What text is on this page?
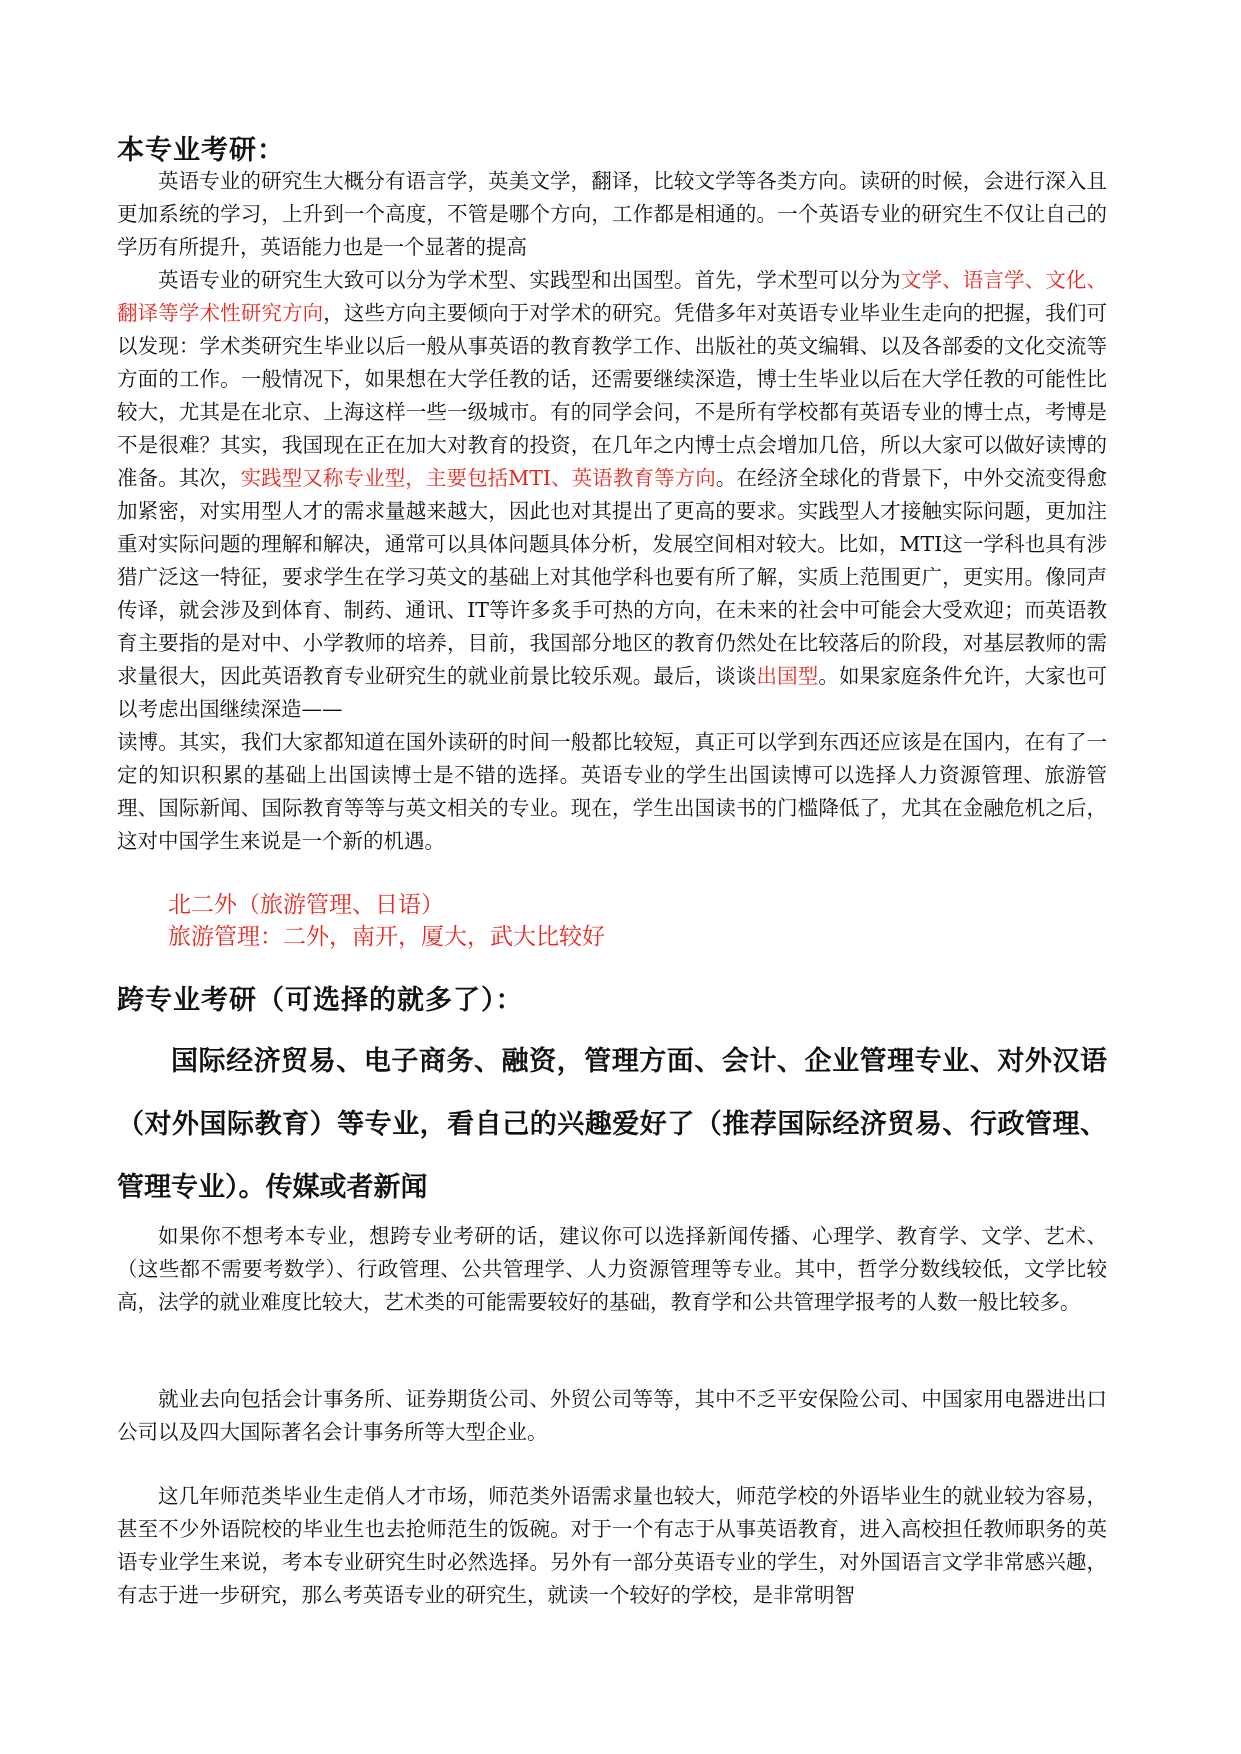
本专业考研：

英语专业的研究生大概分有语言学，英美文学，翻译，比较文学等各类方向。读研的时候，会进行深入且更加系统的学习，上升到一个高度，不管是哪个方向，工作都是相通的。一个英语专业的研究生不仅让自己的学历有所提升，英语能力也是一个显著的提高

英语专业的研究生大致可以分为学术型、实践型和出国型。首先，学术型可以分为文学、语言学、文化、翻译等学术性研究方向，这些方向主要倾向于对学术的研究。凭借多年对英语专业毕业生走向的把握，我们可以发现：学术类研究生毕业以后一般从事英语的教育教学工作、出版社的英文编辑、以及各部委的文化交流等方面的工作。一般情况下，如果想在大学任教的话，还需要继续深造，博士生毕业以后在大学任教的可能性比较大，尤其是在北京、上海这样一些一级城市。有的同学会问，不是所有学校都有英语专业的博士点，考博是不是很难？其实，我国现在正在加大对教育的投资，在几年之内博士点会增加几倍，所以大家可以做好读博的准备。其次，实践型又称专业型，主要包括MTI、英语教育等方向。在经济全球化的背景下，中外交流变得愈加紧密，对实用型人才的需求量越来越大，因此也对其提出了更高的要求。实践型人才接触实际问题，更加注重对实际问题的理解和解决，通常可以具体问题具体分析，发展空间相对较大。比如，MTI这一学科也具有涉猎广泛这一特征，要求学生在学习英文的基础上对其他学科也要有所了解，实质上范围更广，更实用。像同声传译，就会涉及到体育、制药、通讯、IT等许多炙手可热的方向，在未来的社会中可能会大受欢迎；而英语教育主要指的是对中、小学教师的培养，目前，我国部分地区的教育仍然处在比较落后的阶段，对基层教师的需求量很大，因此英语教育专业研究生的就业前景比较乐观。最后，谈谈出国型。如果家庭条件允许，大家也可以考虑出国继续深造——

读博。其实，我们大家都知道在国外读研的时间一般都比较短，真正可以学到东西还应该是在国内，在有了一定的知识积累的基础上出国读博士是不错的选择。英语专业的学生出国读博可以选择人力资源管理、旅游管理、国际新闻、国际教育等等与英文相关的专业。现在，学生出国读书的门槛降低了，尤其在金融危机之后，这对中国学生来说是一个新的机遇。

北二外（旅游管理、日语）
旅游管理：二外，南开，厦大，武大比较好
跨专业考研（可选择的就多了）：

国际经济贸易、电子商务、融资，管理方面、会计、企业管理专业、对外汉语（对外国际教育）等专业，看自己的兴趣爱好了（推荐国际经济贸易、行政管理、管理专业）。传媒或者新闻

如果你不想考本专业，想跨专业考研的话，建议你可以选择新闻传播、心理学、教育学、文学、艺术、（这些都不需要考数学）、行政管理、公共管理学、人力资源管理等专业。其中，哲学分数线较低，文学比较高，法学的就业难度比较大，艺术类的可能需要较好的基础，教育学和公共管理学报考的人数一般比较多。

就业去向包括会计事务所、证券期货公司、外贸公司等等，其中不乏平安保险公司、中国家用电器进出口公司以及四大国际著名会计事务所等大型企业。

这几年师范类毕业生走俏人才市场，师范类外语需求量也较大，师范学校的外语毕业生的就业较为容易，甚至不少外语院校的毕业生也去抢师范生的饭碗。对于一个有志于从事英语教育，进入高校担任教师职务的英语专业学生来说，考本专业研究生时必然选择。另外有一部分英语专业的学生，对外国语言文学非常感兴趣，有志于进一步研究，那么考英语专业的研究生，就读一个较好的学校，是非常明智
